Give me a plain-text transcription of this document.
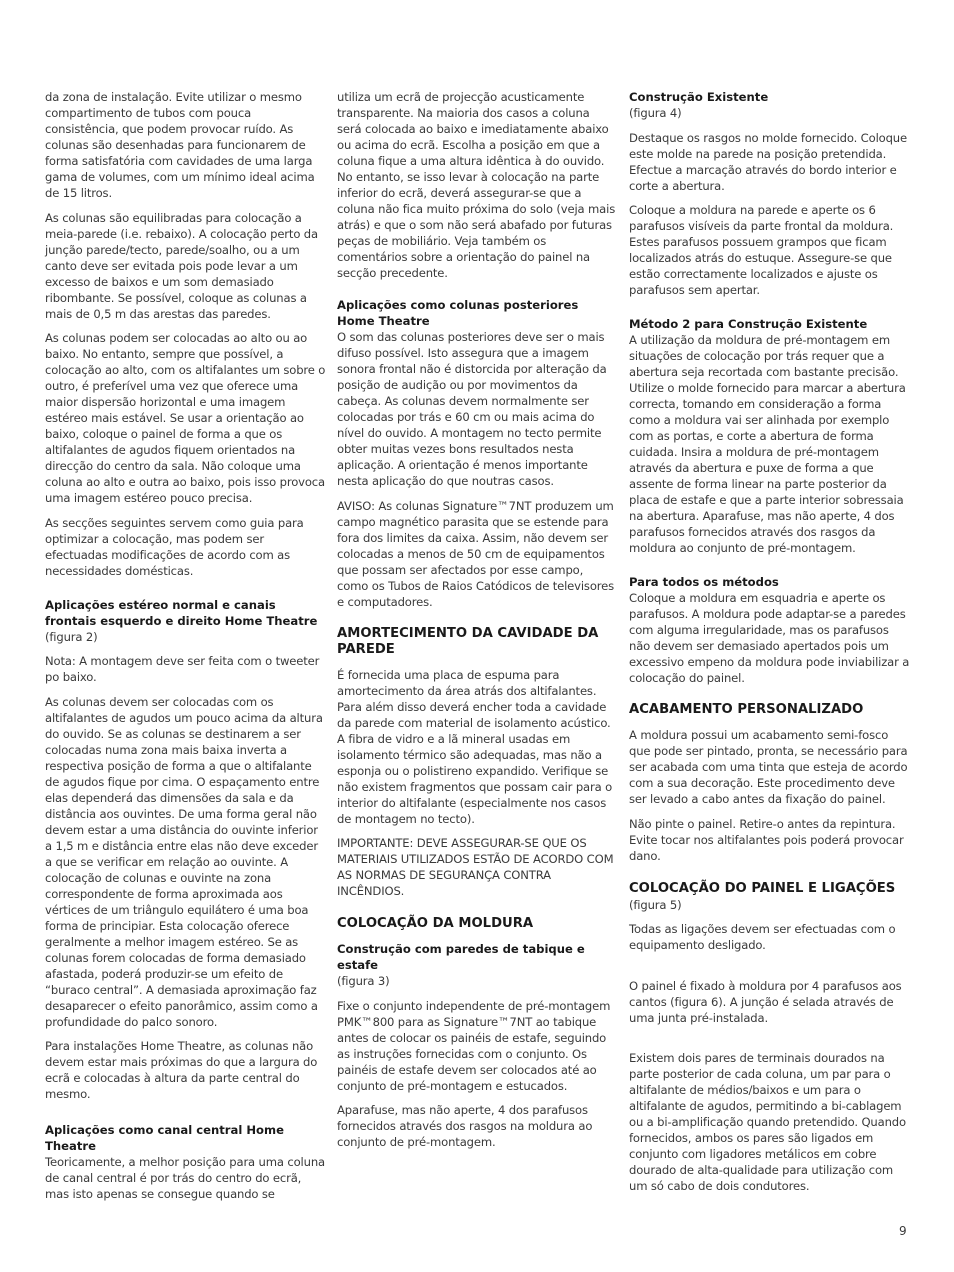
da zona de instalação. Evite utilizar o mesmo compartimento de tubos com pouca consistência, que podem provocar ruído. As colunas são desenhadas para funcionarem de forma satisfatória com cavidades de uma larga gama de volumes, com um mínimo ideal acima de 15 litros.

As colunas são equilibradas para colocação a meia-parede (i.e. rebaixo). A colocação perto da junção parede/tecto, parede/soalho, ou a um canto deve ser evitada pois pode levar a um excesso de baixos e um som demasiado ribombante. Se possível, coloque as colunas a mais de 0,5 m das arestas das paredes.

As colunas podem ser colocadas ao alto ou ao baixo. No entanto, sempre que possível, a colocação ao alto, com os altifalantes um sobre o outro, é preferível uma vez que oferece uma maior dispersão horizontal e uma imagem estéreo mais estável. Se usar a orientação ao baixo, coloque o painel de forma a que os altifalantes de agudos fiquem orientados na direcção do centro da sala. Não coloque uma coluna ao alto e outra ao baixo, pois isso provoca uma imagem estéreo pouco precisa.

As secções seguintes servem como guia para optimizar a colocação, mas podem ser efectuadas modificações de acordo com as necessidades domésticas.

Aplicações estéreo normal e canais frontais esquerdo e direito Home Theatre

(figura 2)

Nota: A montagem deve ser feita com o tweeter po baixo.

As colunas devem ser colocadas com os altifalantes de agudos um pouco acima da altura do ouvido. Se as colunas se destinarem a ser colocadas numa zona mais baixa inverta a respectiva posição de forma a que o altifalante de agudos fique por cima. O espaçamento entre elas dependerá das dimensões da sala e da distância aos ouvintes. De uma forma geral não devem estar a uma distância do ouvinte inferior a 1,5 m e distância entre elas não deve exceder a que se verificar em relação ao ouvinte. A colocação de colunas e ouvinte na zona correspondente de forma aproximada aos vértices de um triângulo equilátero é uma boa forma de principiar. Esta colocação oferece geralmente a melhor imagem estéreo. Se as colunas forem colocadas de forma demasiado afastada, poderá produzir-se um efeito de “buraco central”. A demasiada aproximação faz desaparecer o efeito panorâmico, assim como a profundidade do palco sonoro.

Para instalações Home Theatre, as colunas não devem estar mais próximas do que a largura do ecrã e colocadas à altura da parte central do mesmo.

Aplicações como canal central Home Theatre

Teoricamente, a melhor posição para uma coluna de canal central é por trás do centro do ecrã, mas isto apenas se consegue quando se

utiliza um ecrã de projecção acusticamente transparente. Na maioria dos casos a coluna será colocada ao baixo e imediatamente abaixo ou acima do ecrã. Escolha a posição em que a coluna fique a uma altura idêntica à do ouvido. No entanto, se isso levar à colocação na parte inferior do ecrã, deverá assegurar-se que a coluna não fica muito próxima do solo (veja mais atrás) e que o som não será abafado por futuras peças de mobiliário. Veja também os comentários sobre a orientação do painel na secção precedente.

Aplicações como colunas posteriores Home Theatre

O som das colunas posteriores deve ser o mais difuso possível. Isto assegura que a imagem sonora frontal não é distorcida por alteração da posição de audição ou por movimentos da cabeça. As colunas devem normalmente ser colocadas por trás e 60 cm ou mais acima do nível do ouvido. A montagem no tecto permite obter muitas vezes bons resultados nesta aplicação. A orientação é menos importante nesta aplicação do que noutras casos.

AVISO: As colunas Signature™7NT produzem um campo magnético parasita que se estende para fora dos limites da caixa. Assim, não devem ser colocadas a menos de 50 cm de equipamentos que possam ser afectados por esse campo, como os Tubos de Raios Catódicos de televisores e computadores.

AMORTECIMENTO DA CAVIDADE DA PAREDE

É fornecida uma placa de espuma para amortecimento da área atrás dos altifalantes. Para além disso deverá encher toda a cavidade da parede com material de isolamento acústico. A fibra de vidro e a lã mineral usadas em isolamento térmico são adequadas, mas não a esponja ou o polistireno expandido. Verifique se não existem fragmentos que possam cair para o interior do altifalante (especialmente nos casos de montagem no tecto).

IMPORTANTE: DEVE ASSEGURAR-SE QUE OS MATERIAIS UTILIZADOS ESTÃO DE ACORDO COM AS NORMAS DE SEGURANÇA CONTRA INCÊNDIOS.

COLOCAÇÃO DA MOLDURA
Construção com paredes de tabique e estafe

(figura 3)

Fixe o conjunto independente de pré-montagem PMK™800 para as Signature™7NT ao tabique antes de colocar os painéis de estafe, seguindo as instruções fornecidas com o conjunto. Os painéis de estafe devem ser colocados até ao conjunto de pré-montagem e estucados.

Aparafuse, mas não aperte, 4 dos parafusos fornecidos através dos rasgos na moldura ao conjunto de pré-montagem.

Construção Existente

(figura 4)

Destaque os rasgos no molde fornecido. Coloque este molde na parede na posição pretendida. Efectue a marcação através do bordo interior e corte a abertura.

Coloque a moldura na parede e aperte os 6 parafusos visíveis da parte frontal da moldura. Estes parafusos possuem grampos que ficam localizados atrás do estuque. Assegure-se que estão correctamente localizados e ajuste os parafusos sem apertar.

Método 2 para Construção Existente

A utilização da moldura de pré-montagem em situações de colocação por trás requer que a abertura seja recortada com bastante precisão. Utilize o molde fornecido para marcar a abertura correcta, tomando em consideração a forma como a moldura vai ser alinhada por exemplo com as portas, e corte a abertura de forma cuidada. Insira a moldura de pré-montagem através da abertura e puxe de forma a que assente de forma linear na parte posterior da placa de estafe e que a parte interior sobressaia na abertura. Aparafuse, mas não aperte, 4 dos parafusos fornecidos através dos rasgos da moldura ao conjunto de pré-montagem.

Para todos os métodos

Coloque a moldura em esquadria e aperte os parafusos. A moldura pode adaptar-se a paredes com alguma irregularidade, mas os parafusos não devem ser demasiado apertados pois um excessivo empeno da moldura pode inviabilizar a colocação do painel.

ACABAMENTO PERSONALIZADO

A moldura possui um acabamento semi-fosco que pode ser pintado, pronta, se necessário para ser acabada com uma tinta que esteja de acordo com a sua decoração. Este procedimento deve ser levado a cabo antes da fixação do painel.

Não pinte o painel. Retire-o antes da repintura. Evite tocar nos altifalantes pois poderá provocar dano.

COLOCAÇÃO DO PAINEL E LIGAÇÕES

(figura 5)

Todas as ligações devem ser efectuadas com o equipamento desligado.

O painel é fixado à moldura por 4 parafusos aos cantos (figura 6). A junção é selada através de uma junta pré-instalada.

Existem dois pares de terminais dourados na parte posterior de cada coluna, um par para o altifalante de médios/baixos e um para o altifalante de agudos, permitindo a bi-cablagem ou a bi-amplificação quando pretendido. Quando fornecidos, ambos os pares são ligados em conjunto com ligadores metálicos em cobre dourado de alta-qualidade para utilização com um só cabo de dois condutores.

9
